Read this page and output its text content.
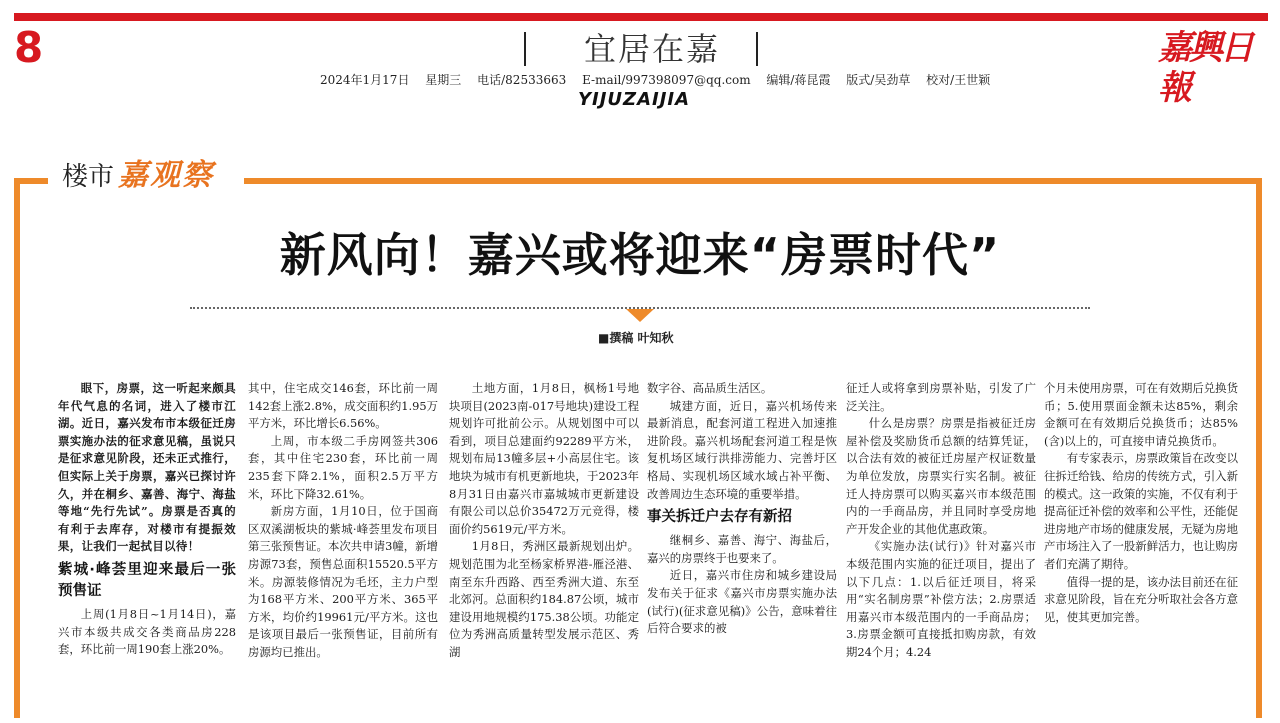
8	宜居在嘉	嘉興日報
2024年1月17日 星期三 电话/82533663 E-mail/997398097@qq.com 编辑/蒋昆霞 版式/吴劲草 校对/王世颖
YIJUZAIJIA
楼市 嘉观察
新风向！嘉兴或将迎来“房票时代”
■撰稿 叶知秋

眼下，房票，这一听起来颇具年代气息的名词，进入了楼市江湖。近日，嘉兴发布市本级征迁房票实施办法的征求意见稿，虽说只是征求意见阶段，还未正式推行，但实际上关于房票，嘉兴已探讨许久，并在桐乡、嘉善、海宁、海盐等地“先行先试”。房票是否真的有利于去库存，对楼市有提振效果，让我们一起拭目以待！

紫城·峰荟里迎来最后一张预售证

上周(1月8日~1月14日)，嘉兴市本级共成交各类商品房228套，环比前一周190套上涨20%。

其中，住宅成交146套，环比前一周142套上涨2.8%，成交面积约1.95万平方米，环比增长6.56%。

上周，市本级二手房网签共306套，其中住宅230套，环比前一周235套下降2.1%，面积2.5万平方米，环比下降32.61%。

新房方面，1月10日，位于国商区双溪湖板块的紫城·峰荟里发布项目第三张预售证。本次共申请3幢，新增房源73套，预售总面积15520.5平方米。房源装修情况为毛坯，主力户型为168平方米、200平方米、365平方米，均价约19961元/平方米。这也是该项目最后一张预售证，目前所有房源均已推出。

土地方面，1月8日，枫杨1号地块项目(2023南-017号地块)建设工程规划许可批前公示。从规划图中可以看到，项目总建面约92289平方米，规划布局13幢多层+小高层住宅。该地块为城市有机更新地块，于2023年8月31日由嘉兴市嘉城城市更新建设有限公司以总价35472万元竞得，楼面价约5619元/平方米。

1月8日，秀洲区最新规划出炉。规划范围为北至杨家桥界港-雁泾港、南至东升西路、西至秀洲大道、东至北郊河。总面积约184.87公顷，城市建设用地规模约175.38公顷。功能定位为秀洲高质量转型发展示范区、秀湖

数字谷、高品质生活区。

城建方面，近日，嘉兴机场传来最新消息，配套河道工程进入加速推进阶段。嘉兴机场配套河道工程是恢复机场区域行洪排涝能力、完善圩区格局、实现机场区域水域占补平衡、改善周边生态环境的重要举措。

事关拆迁户去存有新招

继桐乡、嘉善、海宁、海盐后，嘉兴的房票终于也要来了。

近日，嘉兴市住房和城乡建设局发布关于征求《嘉兴市房票实施办法(试行)(征求意见稿)》公告，意味着往后符合要求的被

征迁人或将拿到房票补贴，引发了广泛关注。

什么是房票？房票是指被征迁房屋补偿及奖励货币总额的结算凭证，以合法有效的被征迁房屋产权证数量为单位发放，房票实行实名制。被征迁人持房票可以购买嘉兴市本级范围内的一手商品房，并且同时享受房地产开发企业的其他优惠政策。

《实施办法(试行)》针对嘉兴市本级范围内实施的征迁项目，提出了以下几点：1.以后征迁项目，将采用“实名制房票”补偿方法；2.房票适用嘉兴市本级范围内的一手商品房；3.房票金额可直接抵扣购房款，有效期24个月；4.24

个月未使用房票，可在有效期后兑换货币；5.使用票面金额未达85%，剩余金额可在有效期后兑换货币；达85%(含)以上的，可直接申请兑换货币。

有专家表示，房票政策旨在改变以往拆迁给钱、给房的传统方式，引入新的模式。这一政策的实施，不仅有利于提高征迁补偿的效率和公平性，还能促进房地产市场的健康发展，无疑为房地产市场注入了一股新鲜活力，也让购房者们充满了期待。

值得一提的是，该办法目前还在征求意见阶段，旨在充分听取社会各方意见，使其更加完善。
